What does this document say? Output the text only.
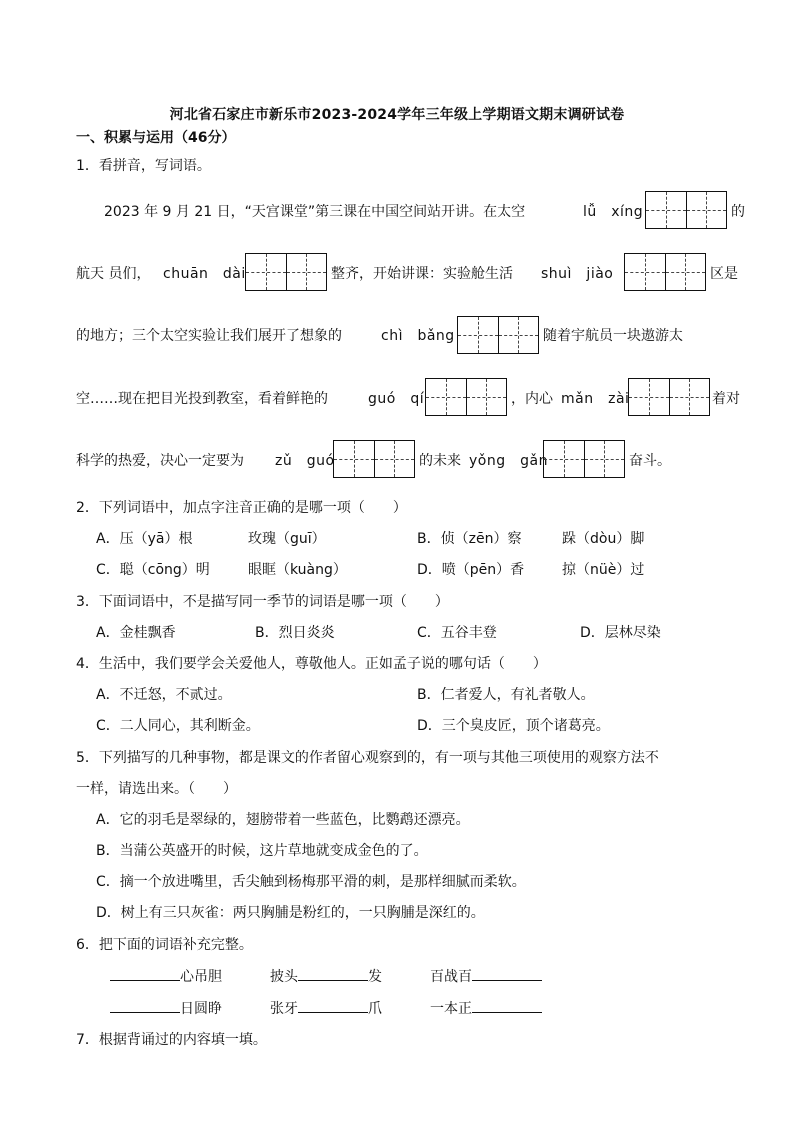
河北省石家庄市新乐市2023-2024学年三年级上学期语文期末调研试卷
一、积累与运用（46分）
1．看拼音，写词语。
2023 年 9 月 21 日，“天宫课堂”第三课在中国空间站开讲。在太空	lǚ　xíng	的
航天 员们， chuān　dài	整齐，开始讲课：实验舱生活 shuì　jiào	区是
的地方；三个太空实验让我们展开了想象的	chì　bǎng	随着宇航员一块遨游太
空……现在把目光投到教室，看着鲜艳的	guó　qí	，内心 mǎn　zài	着对
科学的热爱，决心一定要为 zǔ　guó	的未来 yǒng　gǎn	奋斗。
2．下列词语中，加点字注音正确的是哪一项（　　）
A．压（yā）根	玫瑰（guī）	B．侦（zēn）察	跺（dòu）脚
C．聪（cōng）明	眼眶（kuàng）	D．喷（pēn）香	掠（nüè）过
3．下面词语中，不是描写同一季节的词语是哪一项（　　）
A．金桂飘香	B．烈日炎炎	C．五谷丰登	D．层林尽染
4．生活中，我们要学会关爱他人，尊敬他人。正如孟子说的哪句话（　　）
A．不迁怒，不贰过。	B．仁者爱人，有礼者敬人。
C．二人同心，其利断金。	D．三个臭皮匠，顶个诸葛亮。
5．下列描写的几种事物，都是课文的作者留心观察到的，有一项与其他三项使用的观察方法不
一样，请选出来。（　　）
A．它的羽毛是翠绿的，翅膀带着一些蓝色，比鹦鹉还漂亮。
B．当蒲公英盛开的时候，这片草地就变成金色的了。
C．摘一个放进嘴里，舌尖触到杨梅那平滑的刺，是那样细腻而柔软。
D．树上有三只灰雀：两只胸脯是粉红的，一只胸脯是深红的。
6．把下面的词语补充完整。
心吊胆	披头	发	百战百
日圆睁	张牙	爪	一本正
7．根据背诵过的内容填一填。
